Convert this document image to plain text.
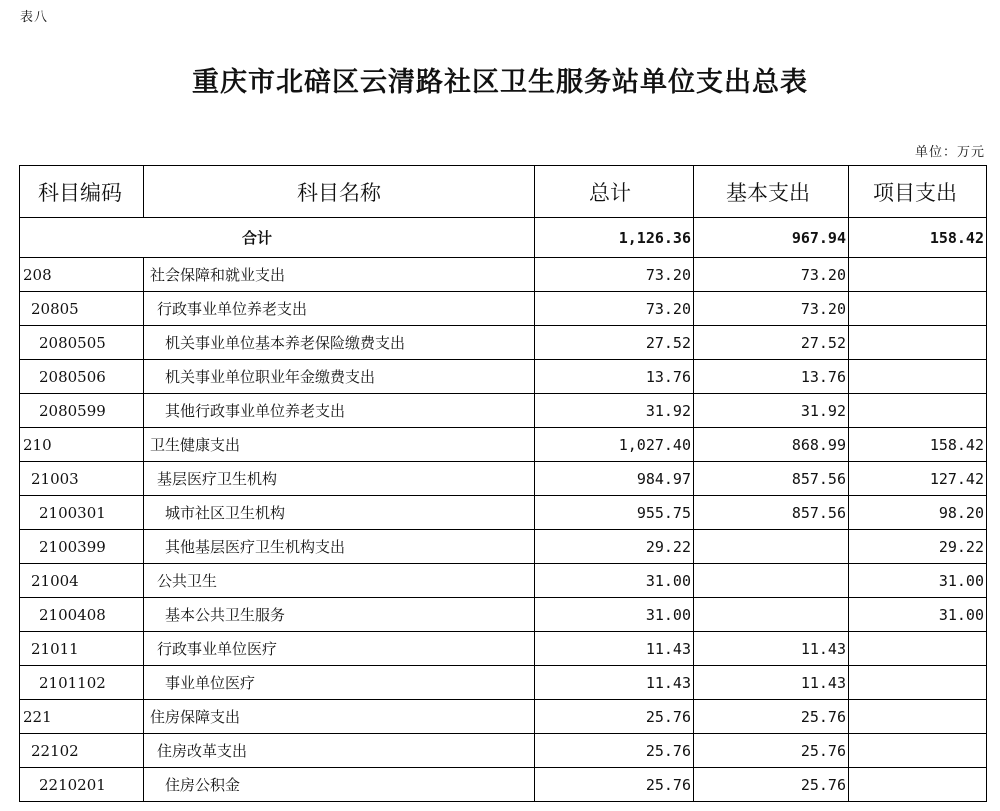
表八
重庆市北碚区云清路社区卫生服务站单位支出总表
单位：万元
科目编码	科目名称	总计	基本支出	项目支出
合计		1,126.36	967.94	158.42
208	社会保障和就业支出	73.20	73.20	
20805	行政事业单位养老支出	73.20	73.20	
2080505	机关事业单位基本养老保险缴费支出	27.52	27.52	
2080506	机关事业单位职业年金缴费支出	13.76	13.76	
2080599	其他行政事业单位养老支出	31.92	31.92	
210	卫生健康支出	1,027.40	868.99	158.42
21003	基层医疗卫生机构	984.97	857.56	127.42
2100301	城市社区卫生机构	955.75	857.56	98.20
2100399	其他基层医疗卫生机构支出	29.22		29.22
21004	公共卫生	31.00		31.00
2100408	基本公共卫生服务	31.00		31.00
21011	行政事业单位医疗	11.43	11.43	
2101102	事业单位医疗	11.43	11.43	
221	住房保障支出	25.76	25.76	
22102	住房改革支出	25.76	25.76	
2210201	住房公积金	25.76	25.76	
